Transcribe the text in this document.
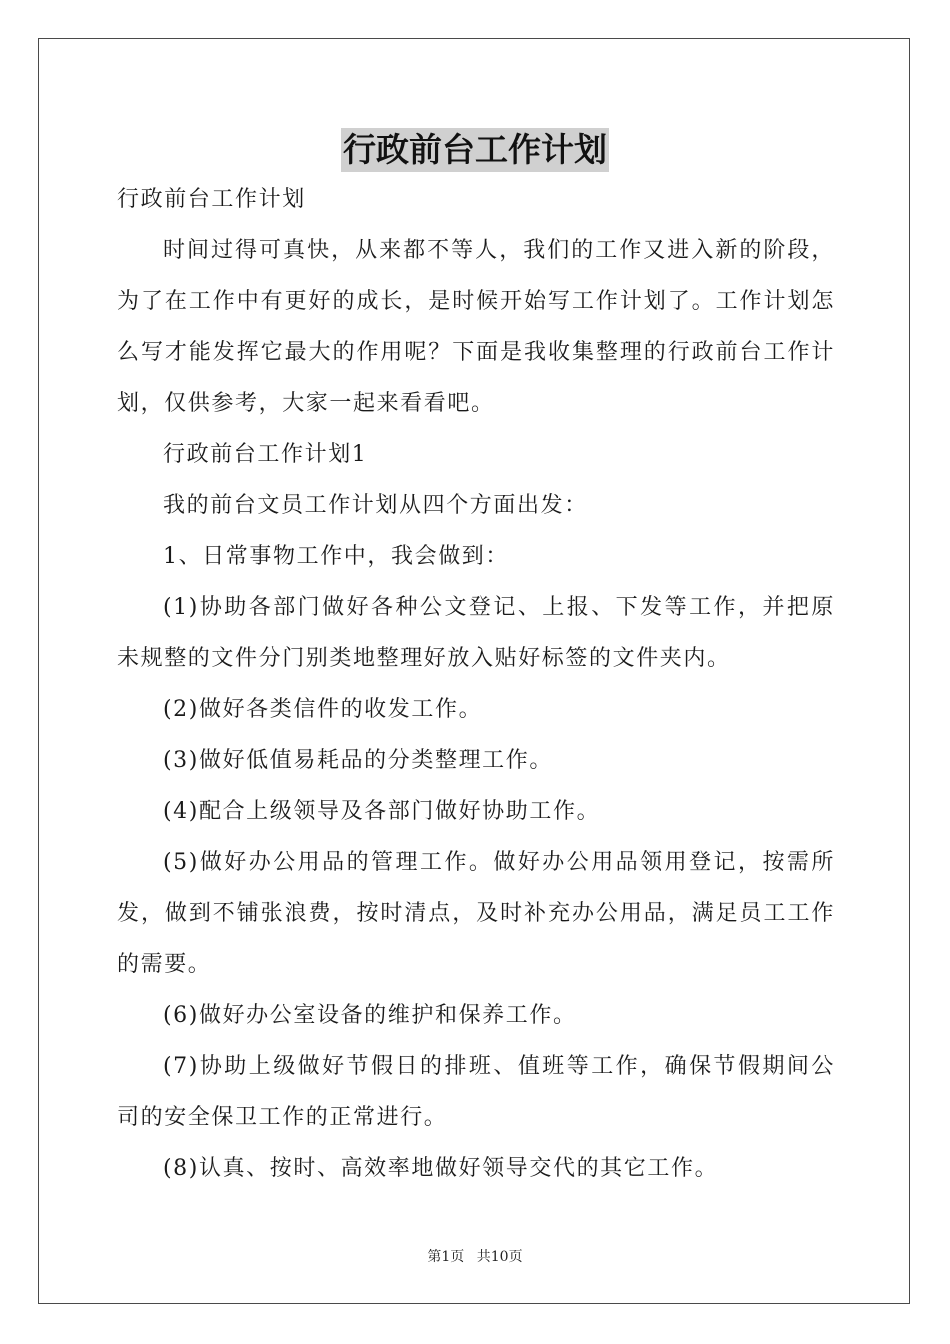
行政前台工作计划

行政前台工作计划

时间过得可真快，从来都不等人，我们的工作又进入新的阶段，为了在工作中有更好的成长，是时候开始写工作计划了。工作计划怎么写才能发挥它最大的作用呢？下面是我收集整理的行政前台工作计划，仅供参考，大家一起来看看吧。

行政前台工作计划1

我的前台文员工作计划从四个方面出发：

1、日常事物工作中，我会做到：

(1)协助各部门做好各种公文登记、上报、下发等工作，并把原未规整的文件分门别类地整理好放入贴好标签的文件夹内。

(2)做好各类信件的收发工作。

(3)做好低值易耗品的分类整理工作。

(4)配合上级领导及各部门做好协助工作。

(5)做好办公用品的管理工作。做好办公用品领用登记，按需所发，做到不铺张浪费，按时清点，及时补充办公用品，满足员工工作的需要。

(6)做好办公室设备的维护和保养工作。

(7)协助上级做好节假日的排班、值班等工作，确保节假期间公司的安全保卫工作的正常进行。

(8)认真、按时、高效率地做好领导交代的其它工作。

第1页 共10页
